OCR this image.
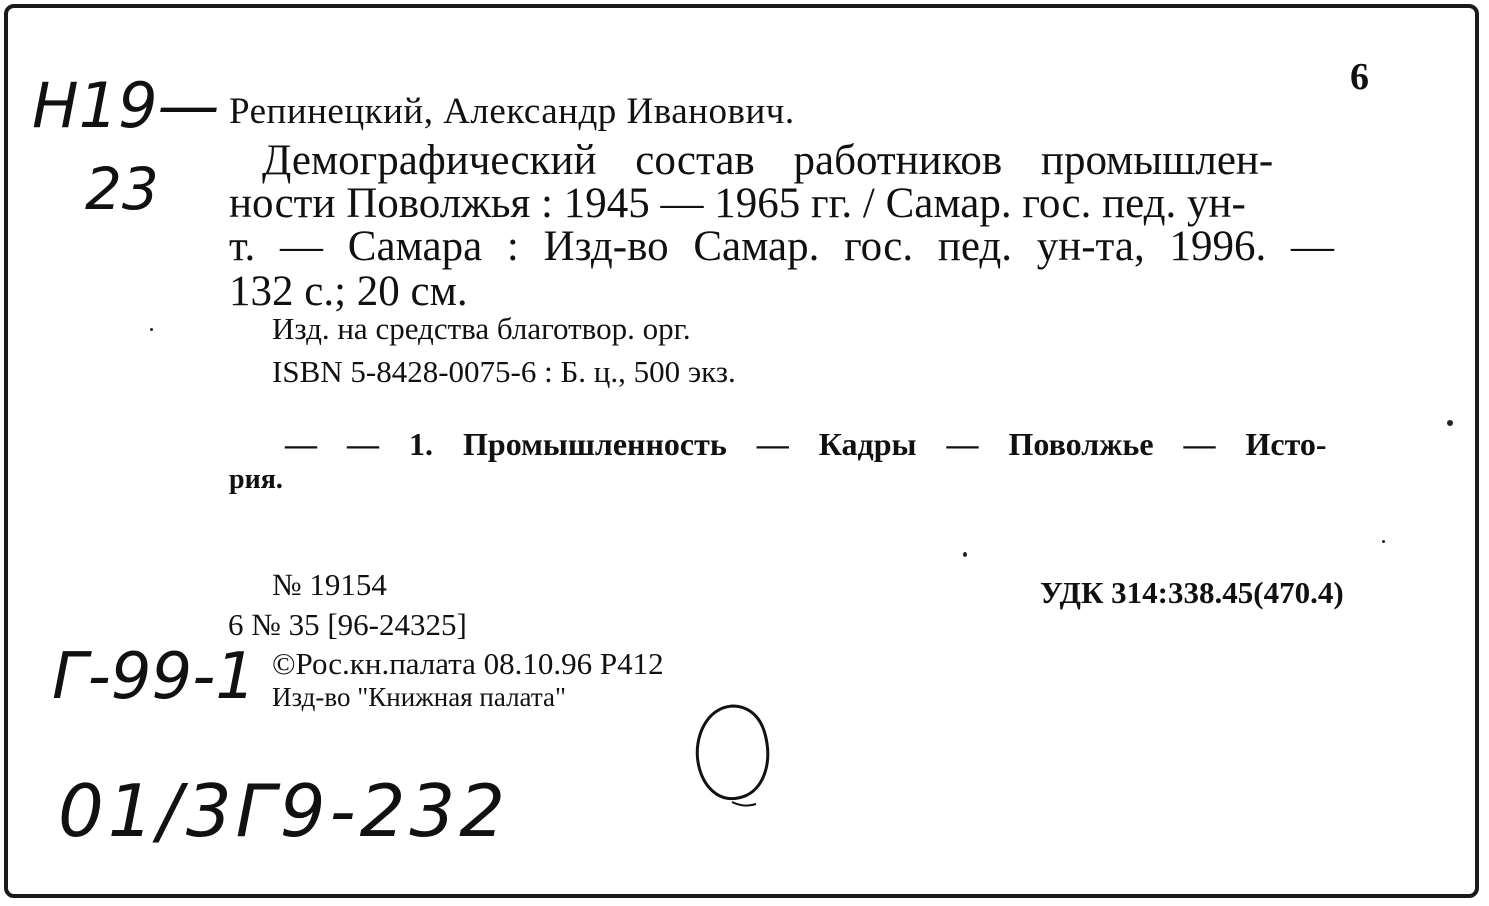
6
Репинецкий, Александр Иванович.
Демографический состав работников промышлен-
ности Поволжья : 1945 — 1965 гг. / Самар. гос. пед. ун-
т. — Самара : Изд-во Самар. гос. пед. ун-та, 1996. —
132 с.; 20 см.
Изд. на средства благотвор. орг.
ISBN 5-8428-0075-6 : Б. ц., 500 экз.
— — 1. Промышленность — Кадры — Поволжье — Исто-
рия.
№ 19154
6 № 35 [96-24325]
©Рос.кн.палата 08.10.96 Р412
Изд-во "Книжная палата"
УДК 314:338.45(470.4)
Н19—
23
Г-99-1
01/3Г9-232
